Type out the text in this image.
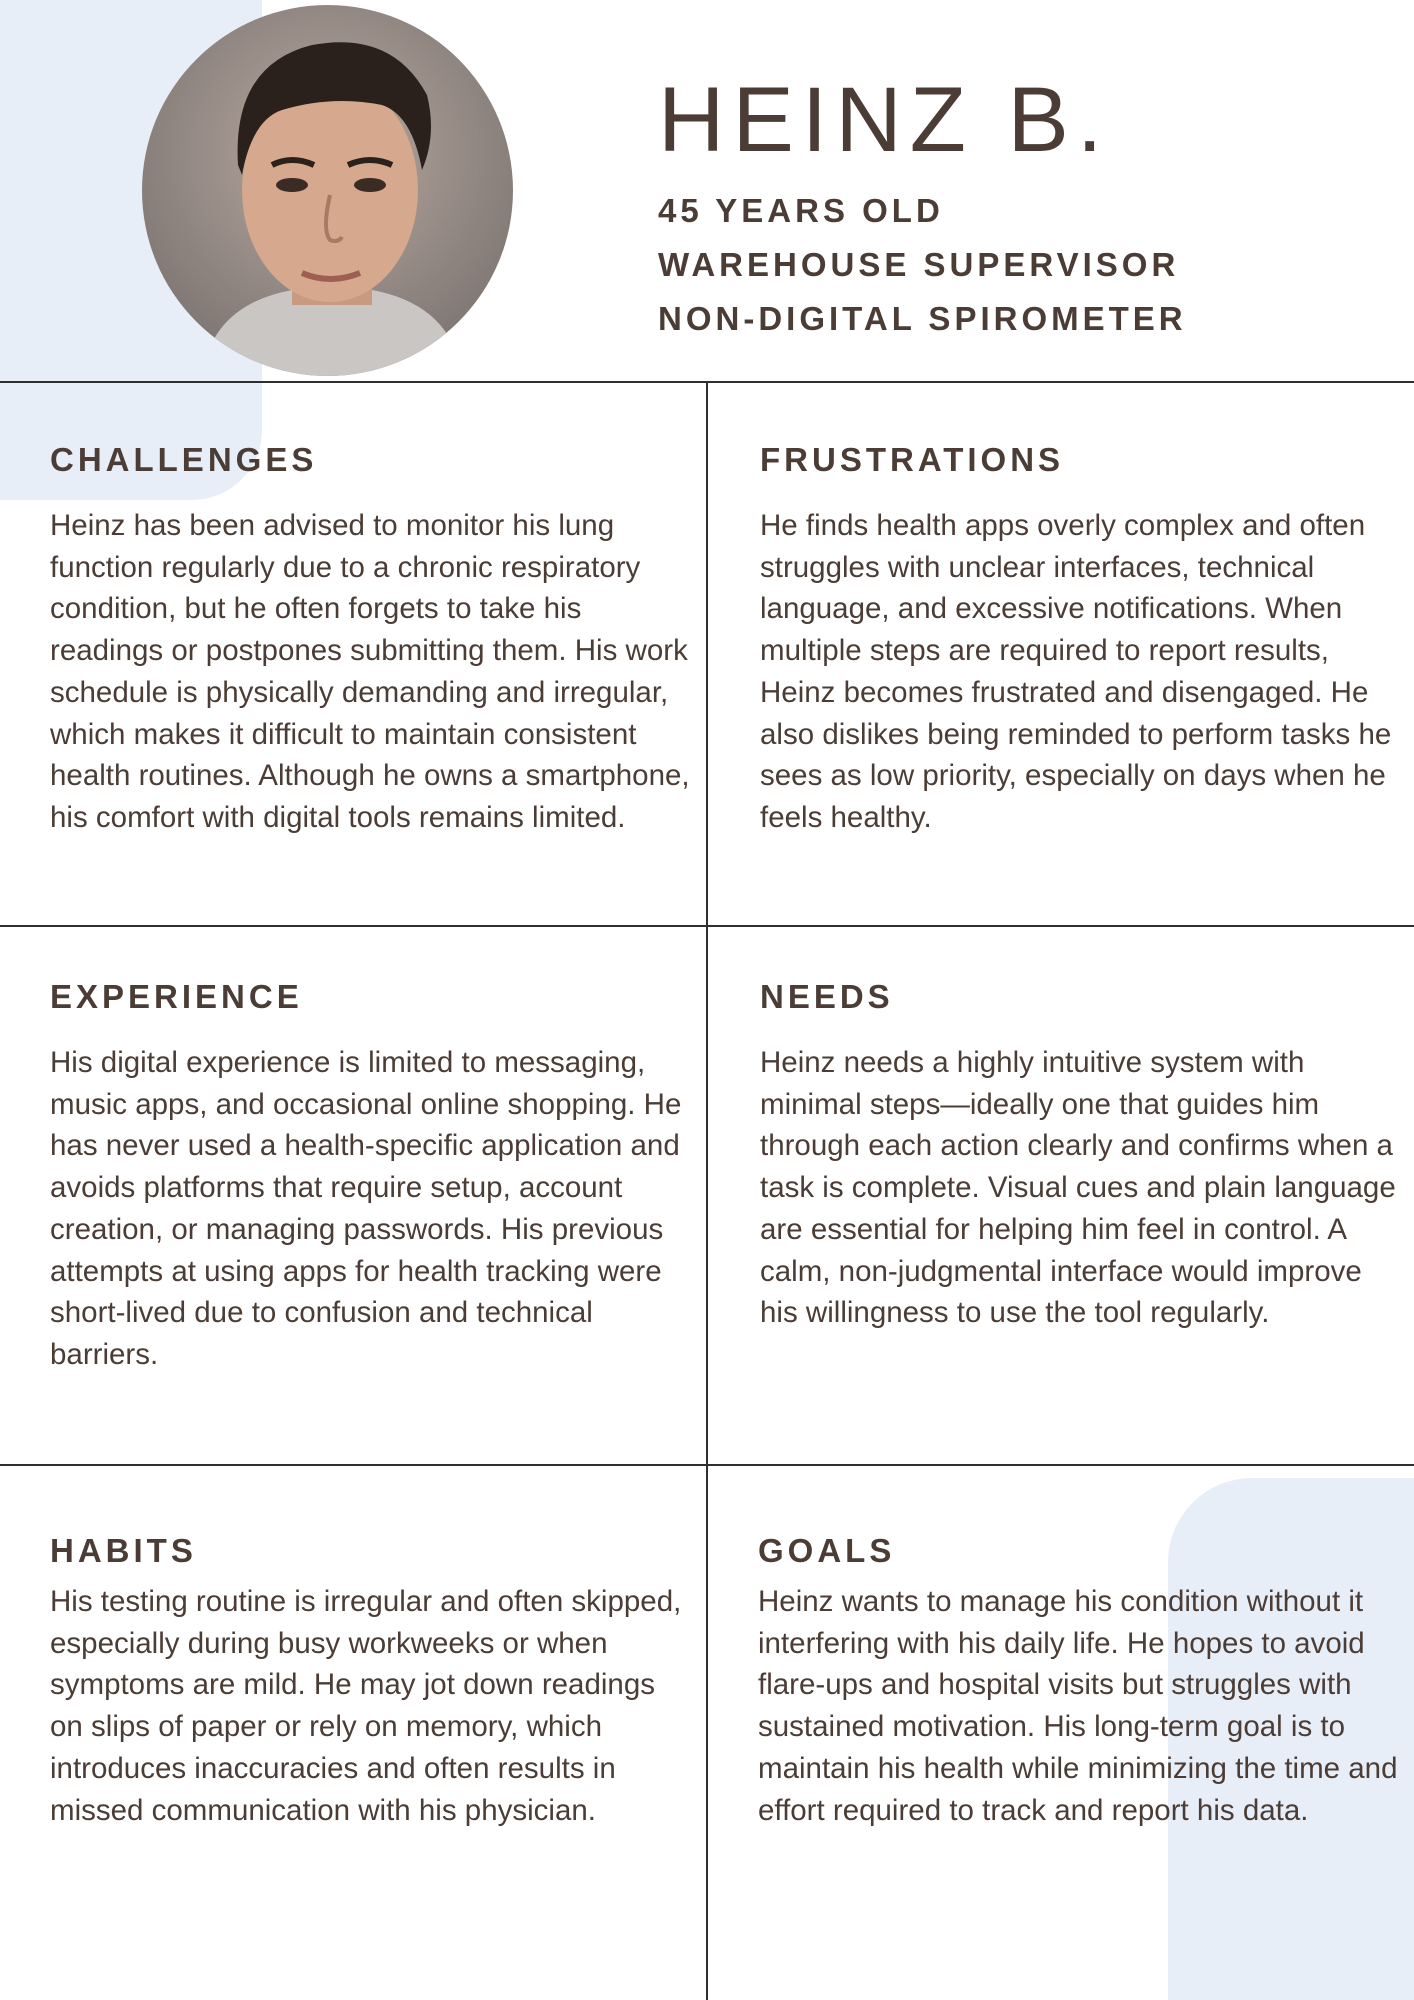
HEINZ B.
45 YEARS OLD
WAREHOUSE SUPERVISOR
NON-DIGITAL SPIROMETER
CHALLENGES

Heinz has been advised to monitor his lung function regularly due to a chronic respiratory condition, but he often forgets to take his readings or postpones submitting them. His work schedule is physically demanding and irregular, which makes it difficult to maintain consistent health routines. Although he owns a smartphone, his comfort with digital tools remains limited.

FRUSTRATIONS

He finds health apps overly complex and often struggles with unclear interfaces, technical language, and excessive notifications. When multiple steps are required to report results, Heinz becomes frustrated and disengaged. He also dislikes being reminded to perform tasks he sees as low priority, especially on days when he feels healthy.

EXPERIENCE

His digital experience is limited to messaging, music apps, and occasional online shopping. He has never used a health-specific application and avoids platforms that require setup, account creation, or managing passwords. His previous attempts at using apps for health tracking were short-lived due to confusion and technical barriers.

NEEDS

Heinz needs a highly intuitive system with minimal steps—ideally one that guides him through each action clearly and confirms when a task is complete. Visual cues and plain language are essential for helping him feel in control. A calm, non-judgmental interface would improve his willingness to use the tool regularly.

HABITS

His testing routine is irregular and often skipped, especially during busy workweeks or when symptoms are mild. He may jot down readings on slips of paper or rely on memory, which introduces inaccuracies and often results in missed communication with his physician.

GOALS

Heinz wants to manage his condition without it interfering with his daily life. He hopes to avoid flare-ups and hospital visits but struggles with sustained motivation. His long-term goal is to maintain his health while minimizing the time and effort required to track and report his data.
